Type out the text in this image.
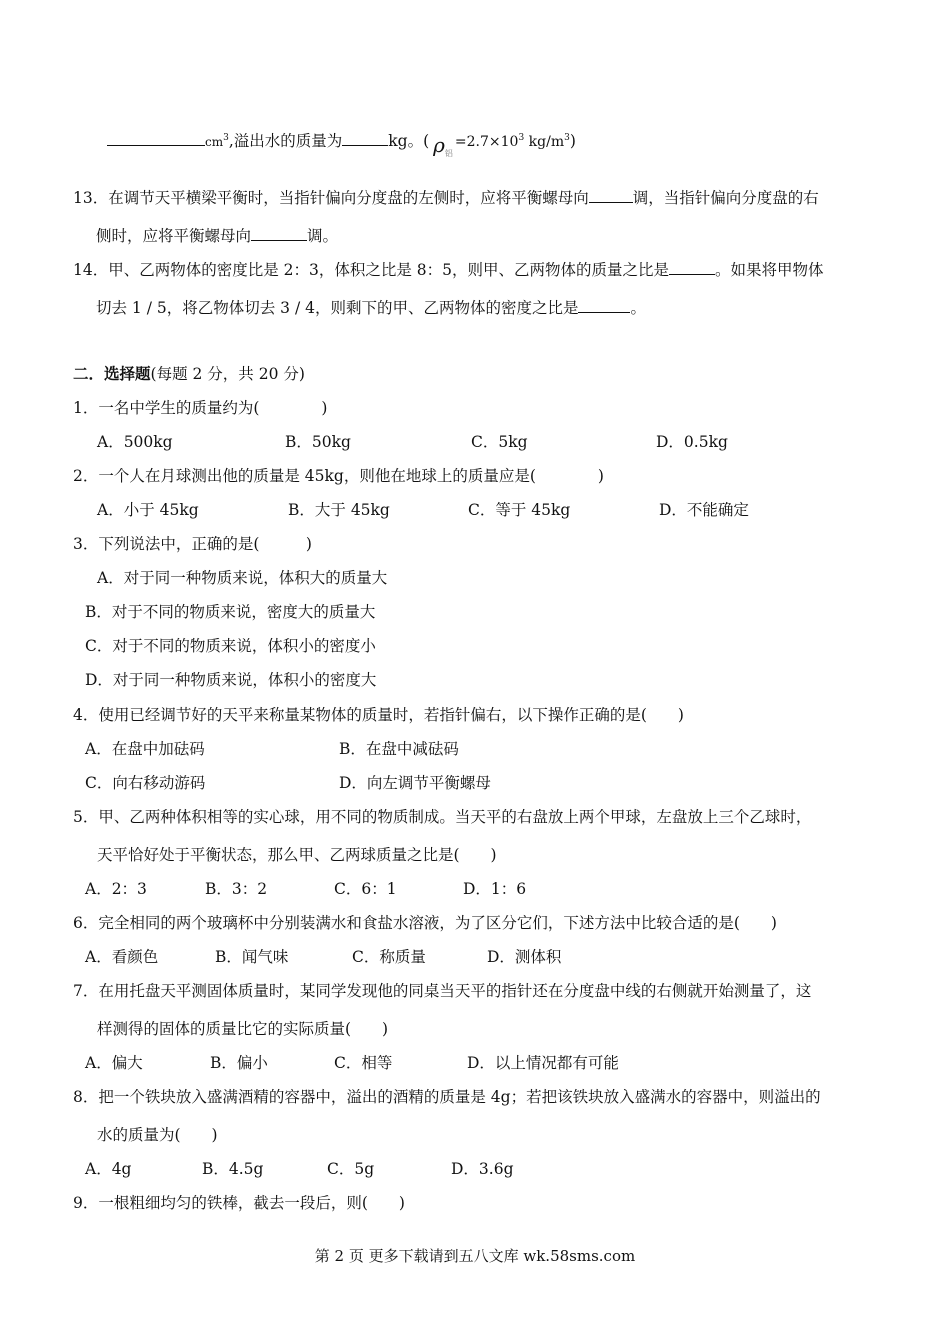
$cm^3$,溢出水的质量为	kg。( $\rho_铝=2.7\times 10^3$ $kg/m^3$)
13．在调节天平横梁平衡时，当指针偏向分度盘的左侧时，应将平衡螺母向	调，当指针偏向分度盘的右
侧时，应将平衡螺母向	调。
14．甲、乙两物体的密度比是 2：3，体积之比是 8：5，则甲、乙两物体的质量之比是	。如果将甲物体
切去 1 / 5，将乙物体切去 3 / 4，则剩下的甲、乙两物体的密度之比是	。
二．选择题(每题 2 分，共 20 分)
1．一名中学生的质量约为(　　　　)
A．500kg	B．50kg	C．5kg	D．0.5kg
2．一个人在月球测出他的质量是 45kg，则他在地球上的质量应是(　　　　)
A．小于 45kg	B．大于 45kg	C．等于 45kg	D．不能确定
3．下列说法中，正确的是(　　　)
A．对于同一种物质来说，体积大的质量大
B．对于不同的物质来说，密度大的质量大
C．对于不同的物质来说，体积小的密度小
D．对于同一种物质来说，体积小的密度大
4．使用已经调节好的天平来称量某物体的质量时，若指针偏右，以下操作正确的是(　　)
A．在盘中加砝码	B．在盘中减砝码
C．向右移动游码	D．向左调节平衡螺母
5．甲、乙两种体积相等的实心球，用不同的物质制成。当天平的右盘放上两个甲球，左盘放上三个乙球时，
天平恰好处于平衡状态，那么甲、乙两球质量之比是(　　)
A．2：3	B．3：2	C．6：1	D．1：6
6．完全相同的两个玻璃杯中分别装满水和食盐水溶液，为了区分它们，下述方法中比较合适的是(　　)
A．看颜色	B．闻气味	C．称质量	D．测体积
7．在用托盘天平测固体质量时，某同学发现他的同桌当天平的指针还在分度盘中线的右侧就开始测量了，这
样测得的固体的质量比它的实际质量(　　)
A．偏大	B．偏小	C．相等	D．以上情况都有可能
8．把一个铁块放入盛满酒精的容器中，溢出的酒精的质量是 4g；若把该铁块放入盛满水的容器中，则溢出的
水的质量为(　　)
A．4g	B．4.5g	C．5g	D．3.6g
9．一根粗细均匀的铁棒，截去一段后，则(　　)
第 2 页 更多下载请到五八文库 wk.58sms.com
